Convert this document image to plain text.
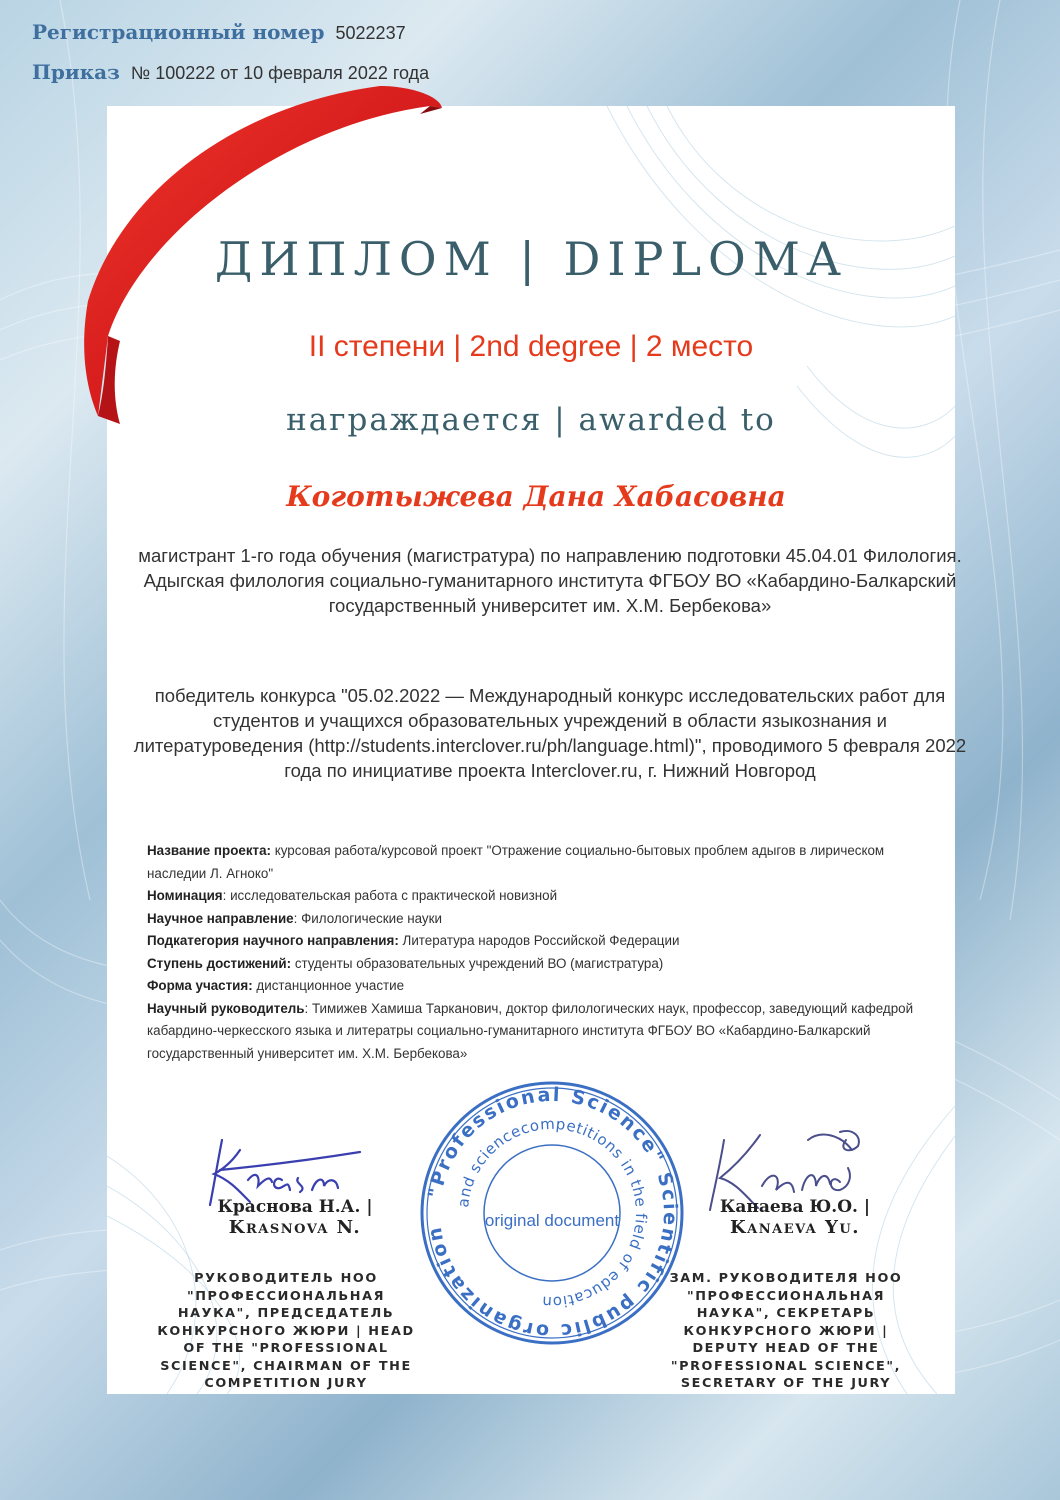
Регистрационный номер 5022237
Приказ № 100222 от 10 февраля 2022 года
ДИПЛОМ | DIPLOMA
II степени | 2nd degree | 2 место
награждается | awarded to
Коготыжева Дана Хабасовна
магистрант 1-го года обучения (магистратура) по направлению подготовки 45.04.01 Филология. Адыгская филология социально-гуманитарного института ФГБОУ ВО «Кабардино-Балкарский государственный университет им. Х.М. Бербекова»
победитель конкурса "05.02.2022 — Международный конкурс исследовательских работ для студентов и учащихся образовательных учреждений в области языкознания и литературоведения (http://students.interclover.ru/ph/language.html)", проводимого 5 февраля 2022 года по инициативе проекта Interclover.ru, г. Нижний Новгород

Название проекта: курсовая работа/курсовой проект "Отражение социально-бытовых проблем адыгов в лирическом наследии Л. Агноко"

Номинация: исследовательская работа с практической новизной

Научное направление: Филологические науки

Подкатегория научного направления: Литература народов Российской Федерации

Ступень достижений: студенты образовательных учреждений ВО (магистратура)

Форма участия: дистанционное участие

Научный руководитель: Тимижев Хамиша Тарканович, доктор филологических наук, профессор, заведующий кафедрой кабардино-черкесского языка и литератры социально-гуманитарного института ФГБОУ ВО «Кабардино-Балкарский государственный университет им. Х.М. Бербекова»

Краснова Н.А. |
Krasnova N.
Канаева Ю.О. |
Kanaeva Yu.
РУКОВОДИТЕЛЬ НОО "ПРОФЕССИОНАЛЬНАЯ НАУКА", ПРЕДСЕДАТЕЛЬ КОНКУРСНОГО ЖЮРИ | HEAD OF THE "PROFESSIONAL SCIENCE", CHAIRMAN OF THE COMPETITION JURY
ЗАМ. РУКОВОДИТЕЛЯ НОО "ПРОФЕССИОНАЛЬНАЯ НАУКА", СЕКРЕТАРЬ КОНКУРСНОГО ЖЮРИ | DEPUTY HEAD OF THE "PROFESSIONAL SCIENCE", SECRETARY OF THE JURY
"Professional Science" Scientific public organization
and sciencecompetitions in the field of education
original document
